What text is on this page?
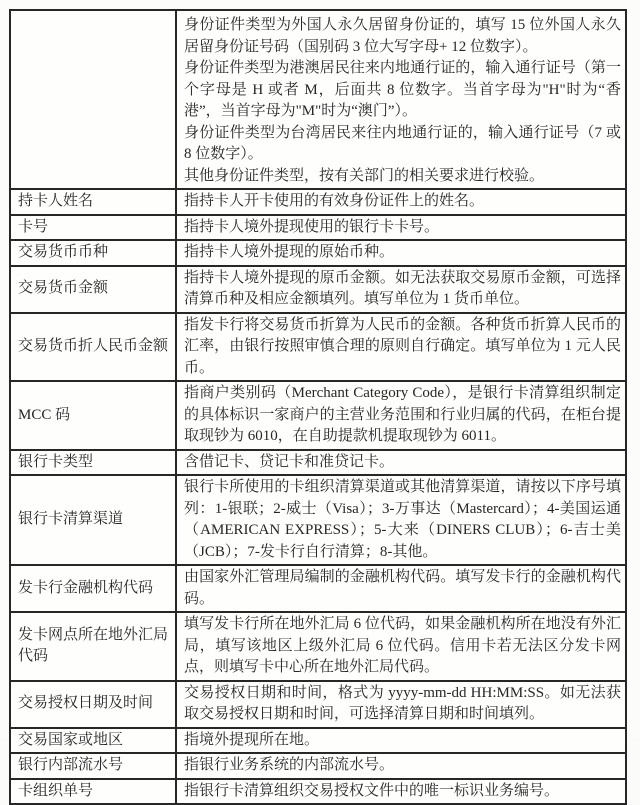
	身份证件类型为外国人永久居留身份证的，填写 15 位外国人永久居留身份证号码（国别码 3 位大写字母+ 12 位数字）。

身份证件类型为港澳居民往来内地通行证的，输入通行证号（第一个字母是 H 或者 M，后面共 8 位数字。当首字母为"H"时为“香港”，当首字母为"M"时为“澳门”）。

身份证件类型为台湾居民来往内地通行证的，输入通行证号（7 或 8 位数字）。

其他身份证件类型，按有关部门的相关要求进行校验。

持卡人姓名	指持卡人开卡使用的有效身份证件上的姓名。
卡号	指持卡人境外提现使用的银行卡卡号。
交易货币币种	指持卡人境外提现的原始币种。
交易货币金额	指持卡人境外提现的原币金额。如无法获取交易原币金额，可选择清算币种及相应金额填列。填写单位为 1 货币单位。
交易货币折人民币金额	指发卡行将交易货币折算为人民币的金额。各种货币折算人民币的汇率，由银行按照审慎合理的原则自行确定。填写单位为 1 元人民币。
MCC 码	指商户类别码（Merchant Category Code），是银行卡清算组织制定的具体标识一家商户的主营业务范围和行业归属的代码，在柜台提取现钞为 6010，在自助提款机提取现钞为 6011。
银行卡类型	含借记卡、贷记卡和准贷记卡。
银行卡清算渠道	银行卡所使用的卡组织清算渠道或其他清算渠道，请按以下序号填列：1-银联；2-威士（Visa）；3-万事达（Mastercard）；4-美国运通（AMERICAN EXPRESS）；5-大来（DINERS CLUB）；6-吉士美（JCB）；7-发卡行自行清算；8-其他。
发卡行金融机构代码	由国家外汇管理局编制的金融机构代码。填写发卡行的金融机构代码。
发卡网点所在地外汇局代码	填写发卡行所在地外汇局 6 位代码，如果金融机构所在地没有外汇局，填写该地区上级外汇局 6 位代码。信用卡若无法区分发卡网点，则填写卡中心所在地外汇局代码。
交易授权日期及时间	交易授权日期和时间，格式为 yyyy-mm-dd HH:MM:SS。如无法获取交易授权日期和时间，可选择清算日期和时间填列。
交易国家或地区	指境外提现所在地。
银行内部流水号	指银行业务系统的内部流水号。
卡组织单号	指银行卡清算组织交易授权文件中的唯一标识业务编号。
